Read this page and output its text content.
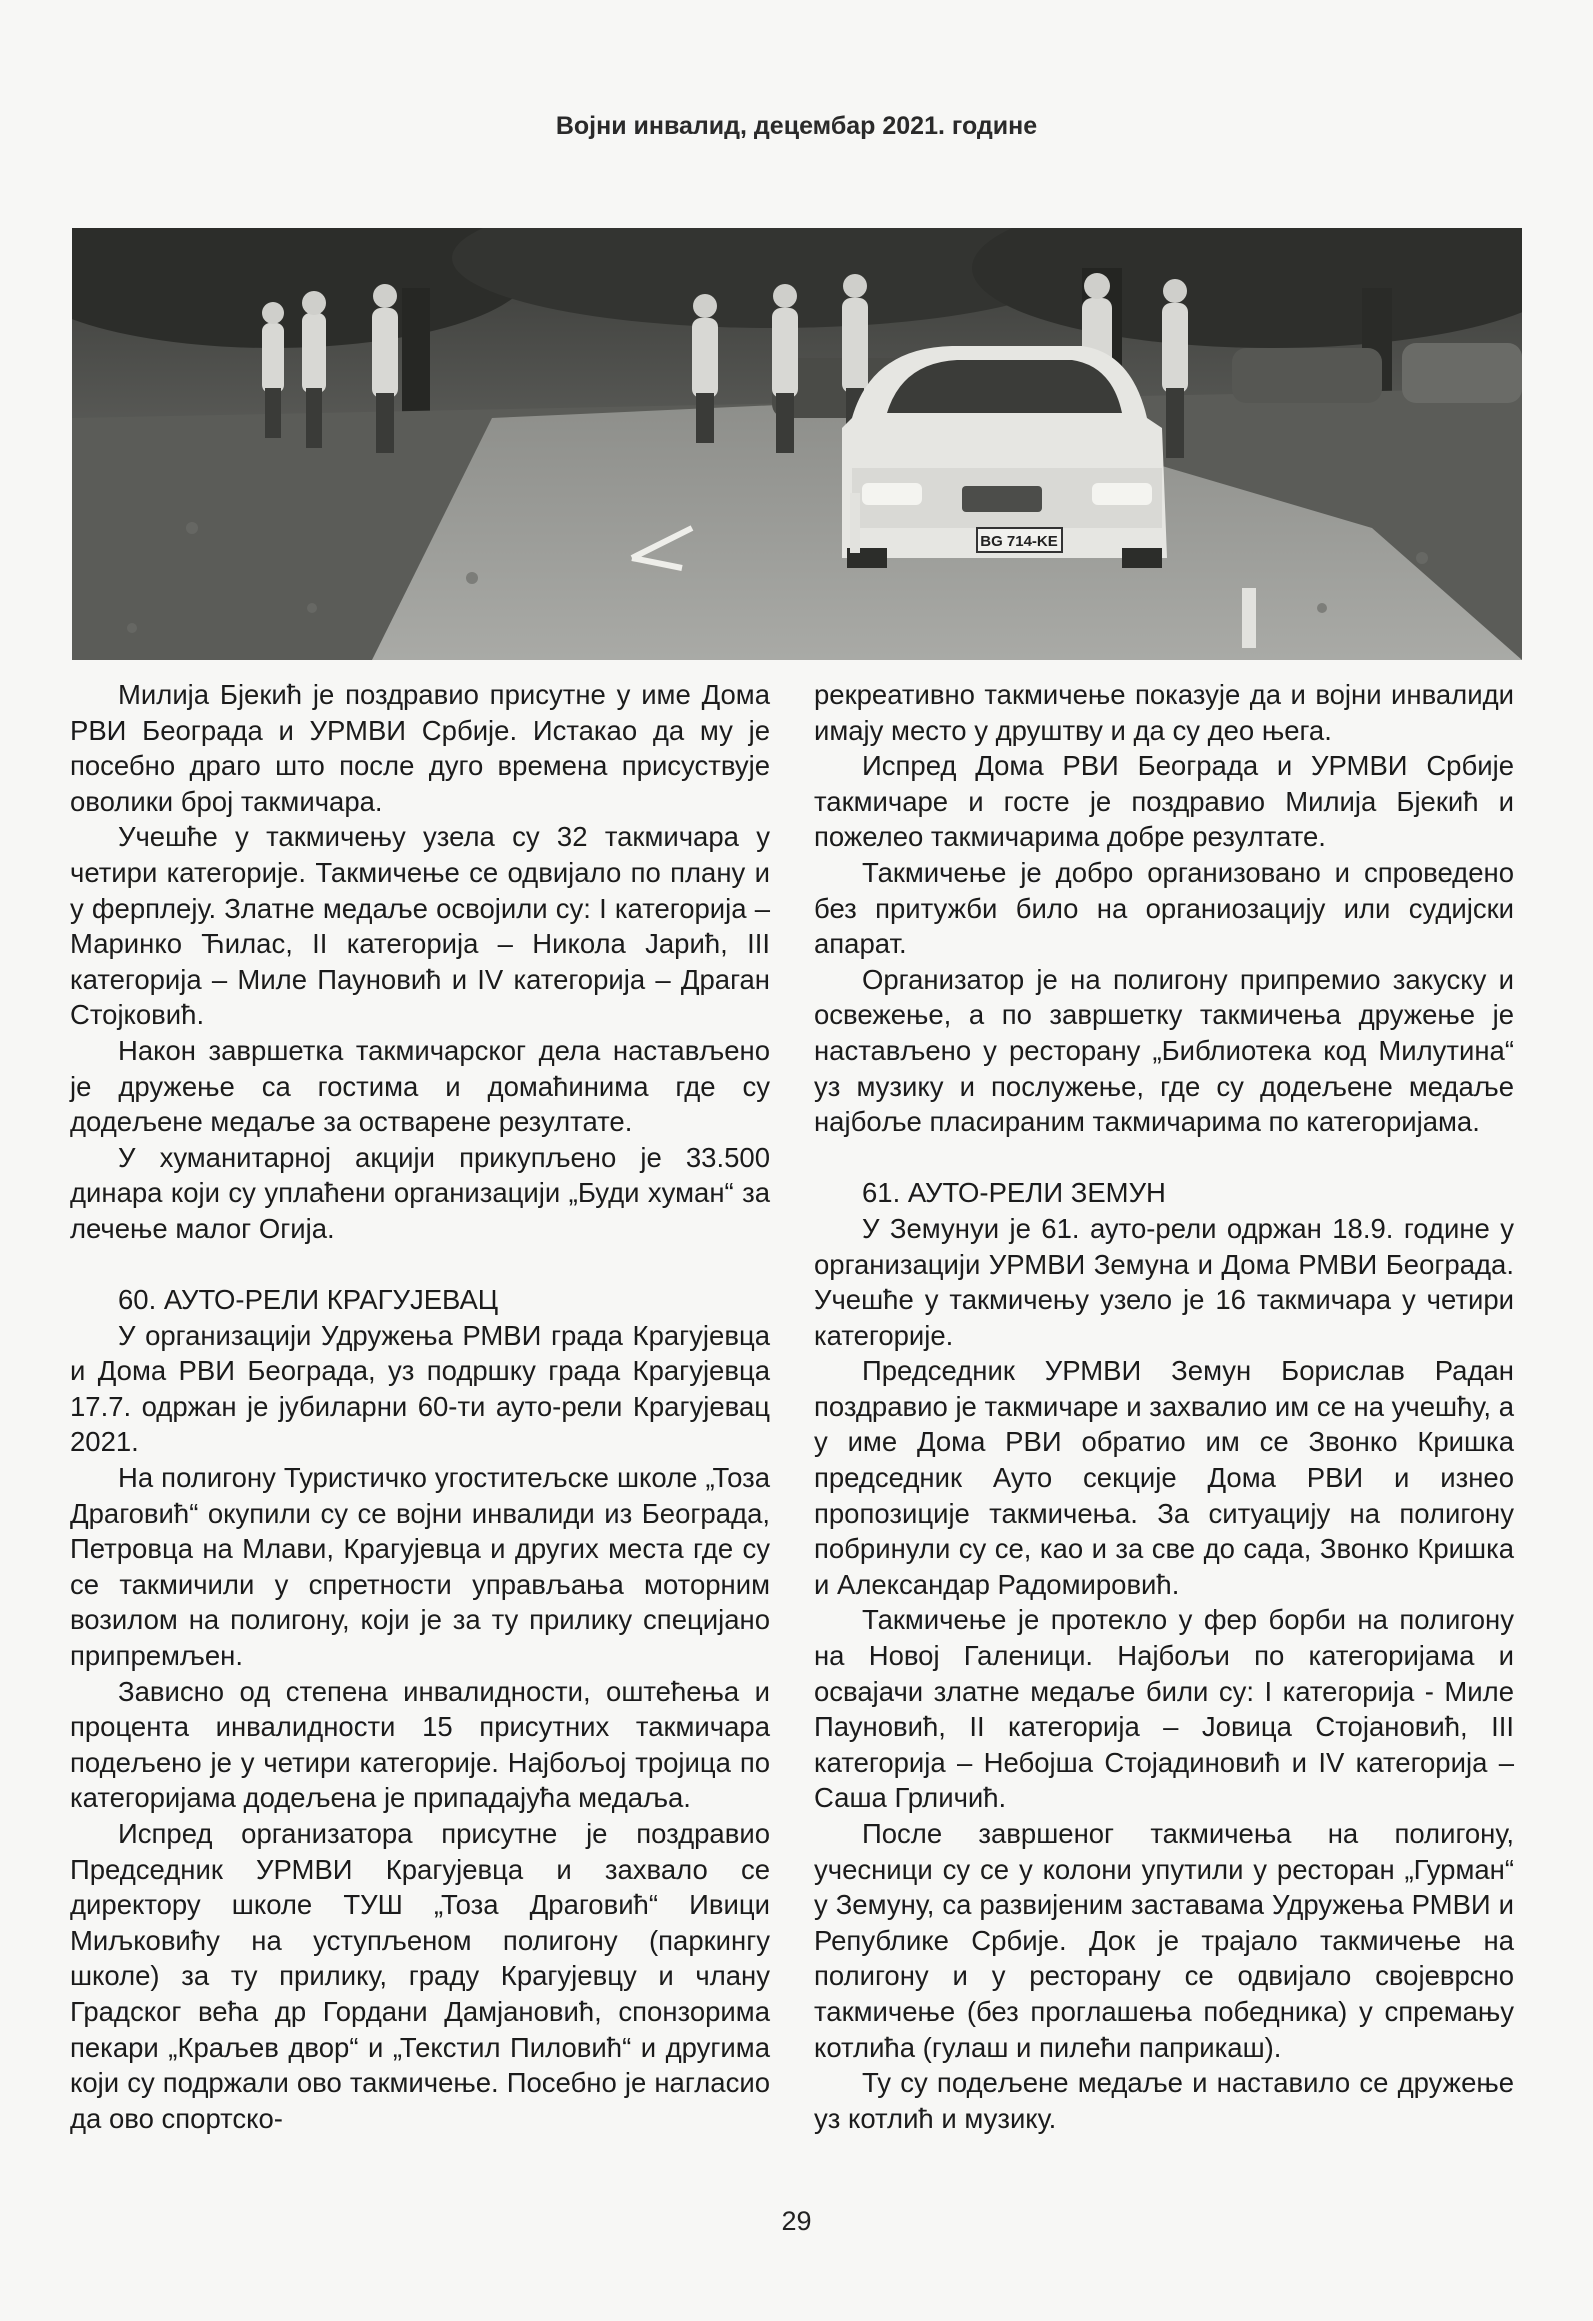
Војни инвалид, децембар 2021. године
BG 714-KE

Милија Бјекић је поздравио присутне у име Дома РВИ Београда и УРМВИ Србије. Истакао да му је посебно драго што после дуго времена присуствује оволики број такмичара.

Учешће у такмичењу узела су 32 такмичара у четири категорије. Такмичење се одвијало по плану и у ферплеју. Златне медаље освојили су: I категорија – Маринко Ћилас, II категорија – Никола Јарић, III категорија – Миле Пауновић и IV категорија – Драган Стојковић.

Након завршетка такмичарског дела настављено је дружење са гостима и домаћинима где су додељене медаље за остварене резултате.

У хуманитарној акцији прикупљено је 33.500 динара који су уплаћени организацији „Буди хуман“ за лечење малог Огија.

60. АУТО-РЕЛИ КРАГУЈЕВАЦ

У организацији Удружења РМВИ града Крагујевца и Дома РВИ Београда, уз подршку града Крагујевца 17.7. одржан је јубиларни 60-ти ауто-рели Крагујевац 2021.

На полигону Туристичко угоститељске школе „Тоза Драговић“ окупили су се војни инвалиди из Београда, Петровца на Млави, Крагујевца и других места где су се такмичили у спретности управљања моторним возилом на полигону, који је за ту прилику специјано припремљен.

Зависно од степена инвалидности, оштећења и процента инвалидности 15 присутних такмичара подељено је у четири категорије. Најбољој тројица по категоријама додељена је припадајућа медаља.

Испред организатора присутне је поздравио Председник УРМВИ Крагујевца и захвало се директору школе ТУШ „Тоза Драговић“ Ивици Миљковићу на уступљеном полигону (паркингу школе) за ту прилику, граду Крагујевцу и члану Градског већа др Гордани Дамјановић, спонзорима пекари „Краљев двор“ и „Текстил Пиловић“ и другима који су подржали ово такмичење. Посебно је нагласио да ово спортско-

рекреативно такмичење показује да и војни инвалиди имају место у друштву и да су део њега.

Испред Дома РВИ Београда и УРМВИ Србије такмичаре и госте је поздравио Милија Бјекић и пожелео такмичарима добре резултате.

Такмичење је добро организовано и спроведено без притужби било на органиозацију или судијски апарат.

Организатор је на полигону припремио закуску и освежење, а по завршетку такмичења дружење је настављено у ресторану „Библиотека код Милутина“ уз музику и послужење, где су додељене медаље најбоље пласираним такмичарима по категоријама.

61. АУТО-РЕЛИ ЗЕМУН

У Земунуи је 61. ауто-рели одржан 18.9. године у организацији УРМВИ Земуна и Дома РМВИ Београда. Учешће у такмичењу узело је 16 такмичара у четири категорије.

Председник УРМВИ Земун Борислав Радан поздравио је такмичаре и захвалио им се на учешћу, а у име Дома РВИ обратио им се Звонко Кришка председник Ауто секције Дома РВИ и изнео пропозиције такмичења. За ситуацију на полигону побринули су се, као и за све до сада, Звонко Кришка и Александар Радомировић.

Такмичење је протекло у фер борби на полигону на Новој Галеници. Најбољи по категоријама и освајачи златне медаље били су: I категорија - Миле Пауновић, II категорија – Јовица Стојановић, III категорија – Небојша Стојадиновић и IV категорија – Саша Грличић.

После завршеног такмичења на полигону, учесници су се у колони упутили у ресторан „Гурман“ у Земуну, са развијеним заставама Удружења РМВИ и Републике Србије. Док је трајало такмичење на полигону и у ресторану се одвијало својеврсно такмичење (без проглашења победника) у спремању котлића (гулаш и пилећи паприкаш).

Ту су подељене медаље и наставило се дружење уз котлић и музику.

29
